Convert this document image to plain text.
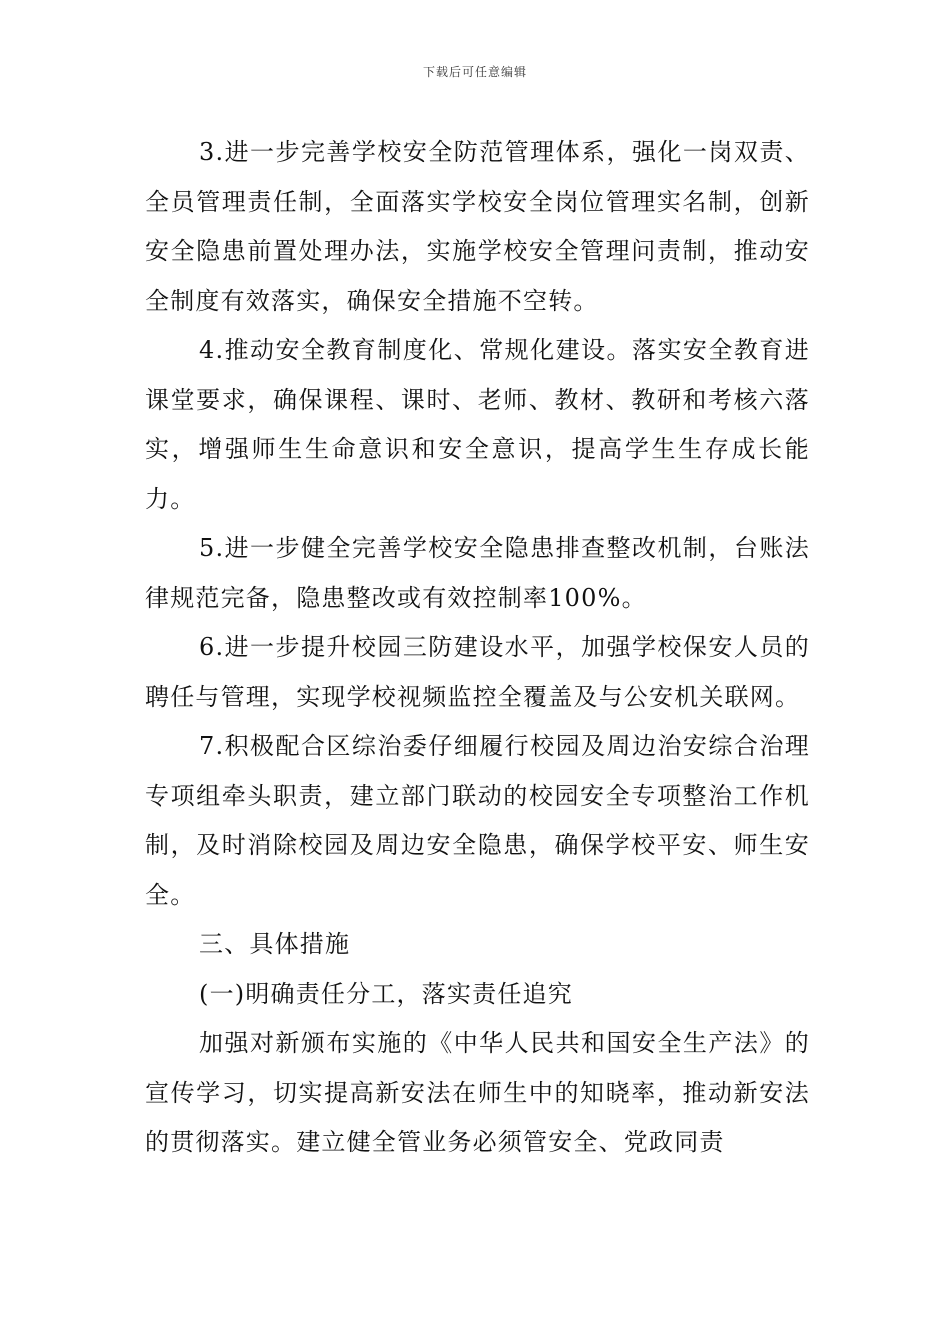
下载后可任意编辑

3.进一步完善学校安全防范管理体系，强化一岗双责、全员管理责任制，全面落实学校安全岗位管理实名制，创新安全隐患前置处理办法，实施学校安全管理问责制，推动安全制度有效落实，确保安全措施不空转。

4.推动安全教育制度化、常规化建设。落实安全教育进课堂要求，确保课程、课时、老师、教材、教研和考核六落实，增强师生生命意识和安全意识，提高学生生存成长能力。

5.进一步健全完善学校安全隐患排查整改机制，台账法律规范完备，隐患整改或有效控制率100%。

6.进一步提升校园三防建设水平，加强学校保安人员的聘任与管理，实现学校视频监控全覆盖及与公安机关联网。

7.积极配合区综治委仔细履行校园及周边治安综合治理专项组牵头职责，建立部门联动的校园安全专项整治工作机制，及时消除校园及周边安全隐患，确保学校平安、师生安全。

三、具体措施

(一)明确责任分工，落实责任追究

加强对新颁布实施的《中华人民共和国安全生产法》的宣传学习，切实提高新安法在师生中的知晓率，推动新安法的贯彻落实。建立健全管业务必须管安全、党政同责
